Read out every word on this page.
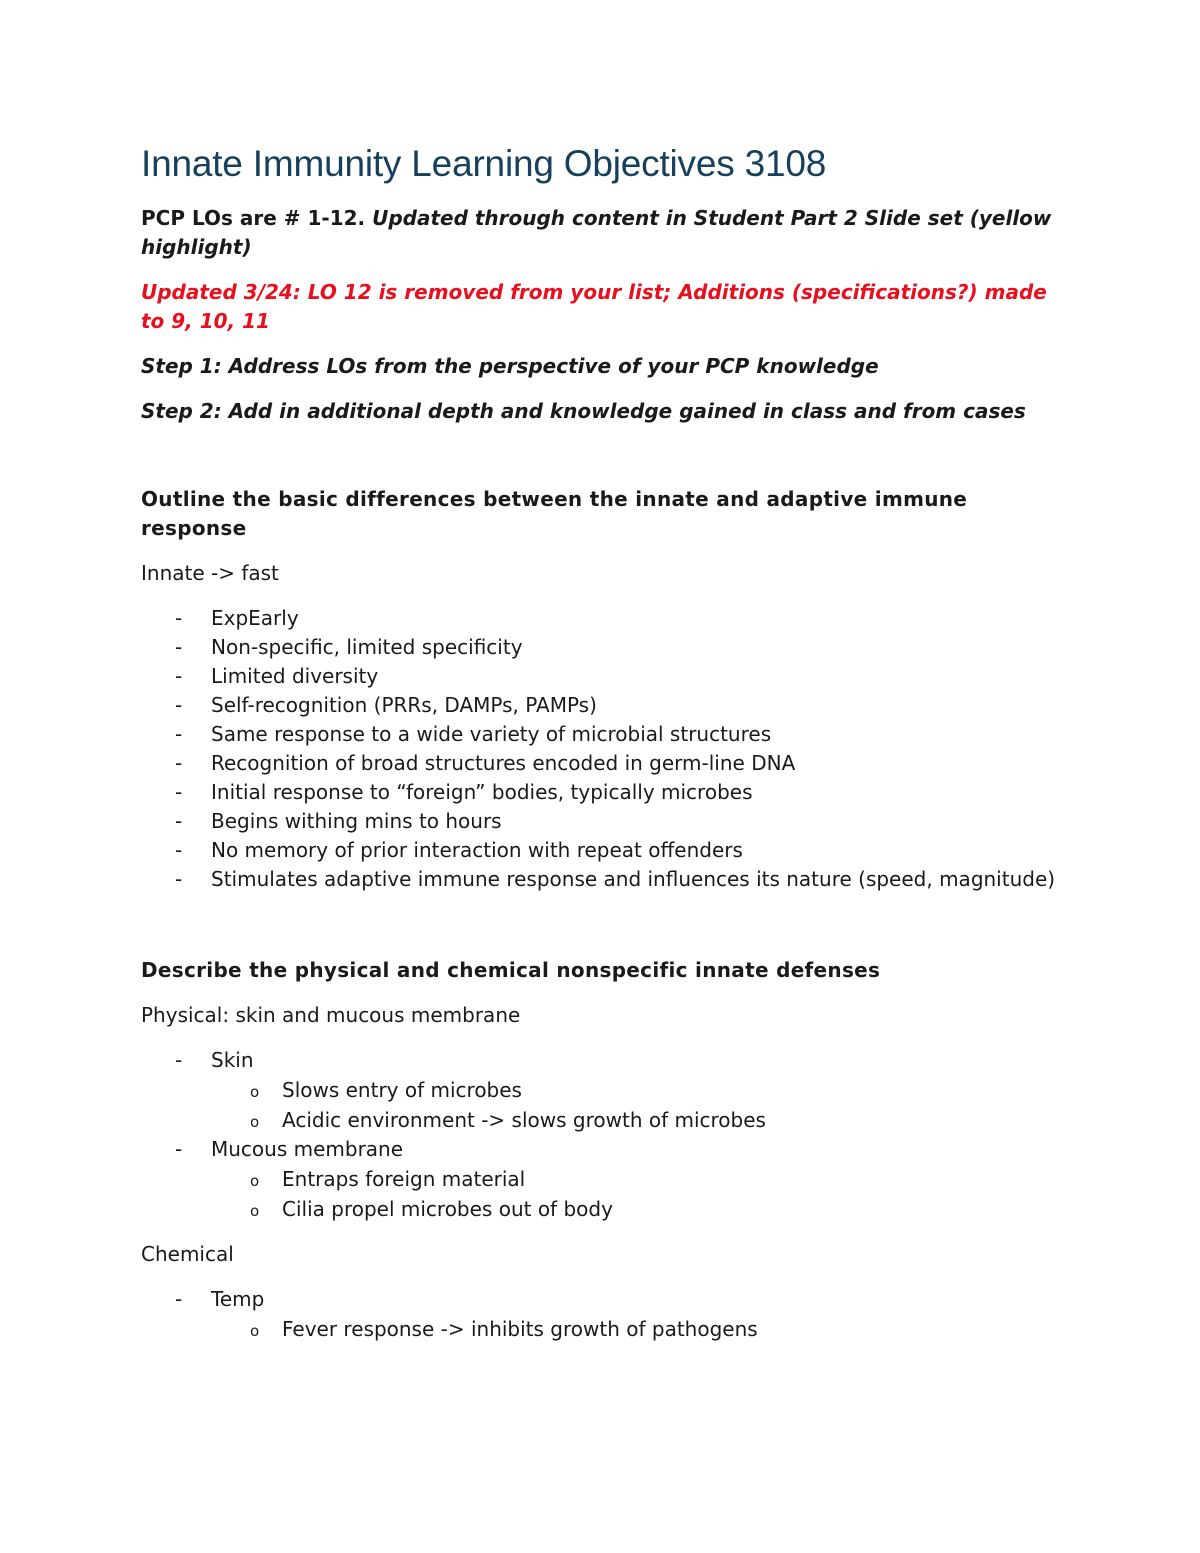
Innate Immunity Learning Objectives 3108

PCP LOs are # 1-12. Updated through content in Student Part 2 Slide set (yellow highlight)

Updated 3/24: LO 12 is removed from your list; Additions (specifications?) made to 9, 10, 11

Step 1: Address LOs from the perspective of your PCP knowledge

Step 2: Add in additional depth and knowledge gained in class and from cases

Outline the basic differences between the innate and adaptive immune response

Innate -> fast

- ExpEarly
- Non-specific, limited specificity
- Limited diversity
- Self-recognition (PRRs, DAMPs, PAMPs)
- Same response to a wide variety of microbial structures
- Recognition of broad structures encoded in germ-line DNA
- Initial response to “foreign” bodies, typically microbes
- Begins withing mins to hours
- No memory of prior interaction with repeat offenders
- Stimulates adaptive immune response and influences its nature (speed, magnitude)

Describe the physical and chemical nonspecific innate defenses

Physical: skin and mucous membrane

- Skin
o Slows entry of microbes
o Acidic environment -> slows growth of microbes
- Mucous membrane
o Entraps foreign material
o Cilia propel microbes out of body

Chemical

- Temp
o Fever response -> inhibits growth of pathogens
